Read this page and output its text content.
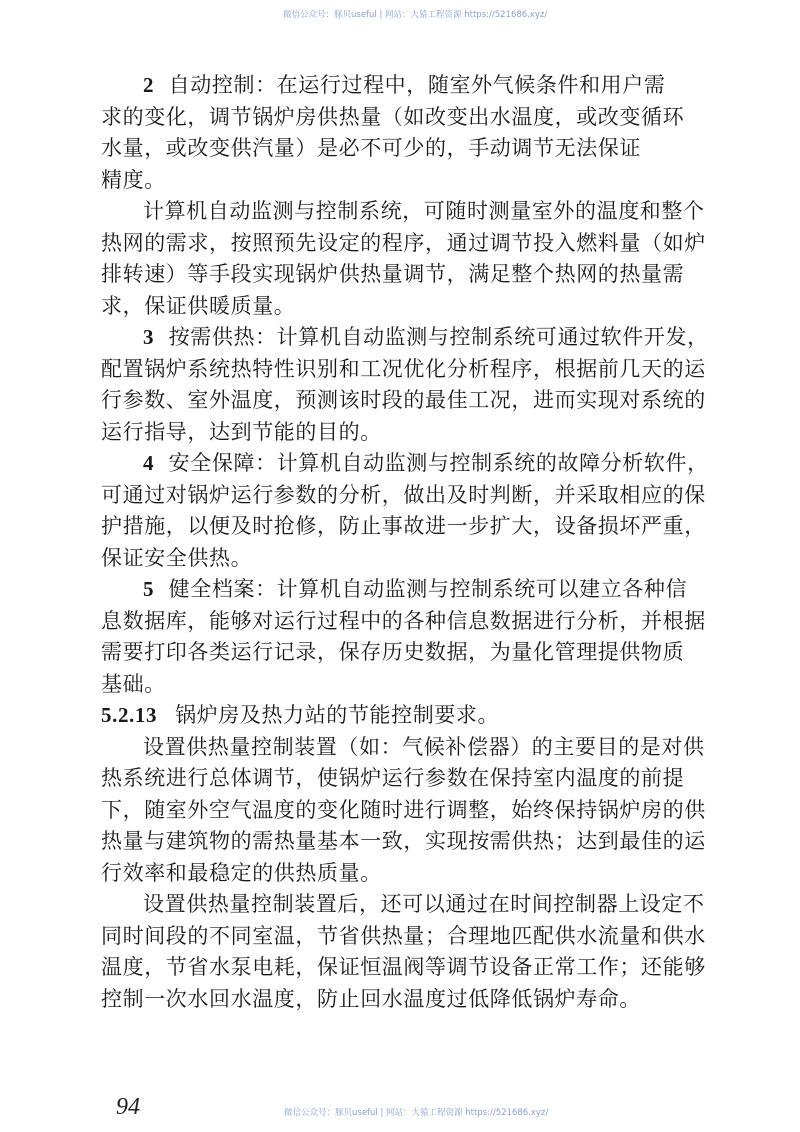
微信公众号：豚贝useful | 网站：大猿工程资源 https://521686.xyz/
2 自动控制：在运行过程中，随室外气候条件和用户需
求的变化，调节锅炉房供热量（如改变出水温度，或改变循环
水量，或改变供汽量）是必不可少的，手动调节无法保证
精度。
计算机自动监测与控制系统，可随时测量室外的温度和整个
热网的需求，按照预先设定的程序，通过调节投入燃料量（如炉
排转速）等手段实现锅炉供热量调节，满足整个热网的热量需
求，保证供暖质量。
3 按需供热：计算机自动监测与控制系统可通过软件开发，
配置锅炉系统热特性识别和工况优化分析程序，根据前几天的运
行参数、室外温度，预测该时段的最佳工况，进而实现对系统的
运行指导，达到节能的目的。
4 安全保障：计算机自动监测与控制系统的故障分析软件，
可通过对锅炉运行参数的分析，做出及时判断，并采取相应的保
护措施，以便及时抢修，防止事故进一步扩大，设备损坏严重，
保证安全供热。
5 健全档案：计算机自动监测与控制系统可以建立各种信
息数据库，能够对运行过程中的各种信息数据进行分析，并根据
需要打印各类运行记录，保存历史数据，为量化管理提供物质
基础。
5.2.13 锅炉房及热力站的节能控制要求。
设置供热量控制装置（如：气候补偿器）的主要目的是对供
热系统进行总体调节，使锅炉运行参数在保持室内温度的前提
下，随室外空气温度的变化随时进行调整，始终保持锅炉房的供
热量与建筑物的需热量基本一致，实现按需供热；达到最佳的运
行效率和最稳定的供热质量。
设置供热量控制装置后，还可以通过在时间控制器上设定不
同时间段的不同室温，节省供热量；合理地匹配供水流量和供水
温度，节省水泵电耗，保证恒温阀等调节设备正常工作；还能够
控制一次水回水温度，防止回水温度过低降低锅炉寿命。
94	微信公众号：豚贝useful | 网站：大猿工程资源 https://521686.xyz/
